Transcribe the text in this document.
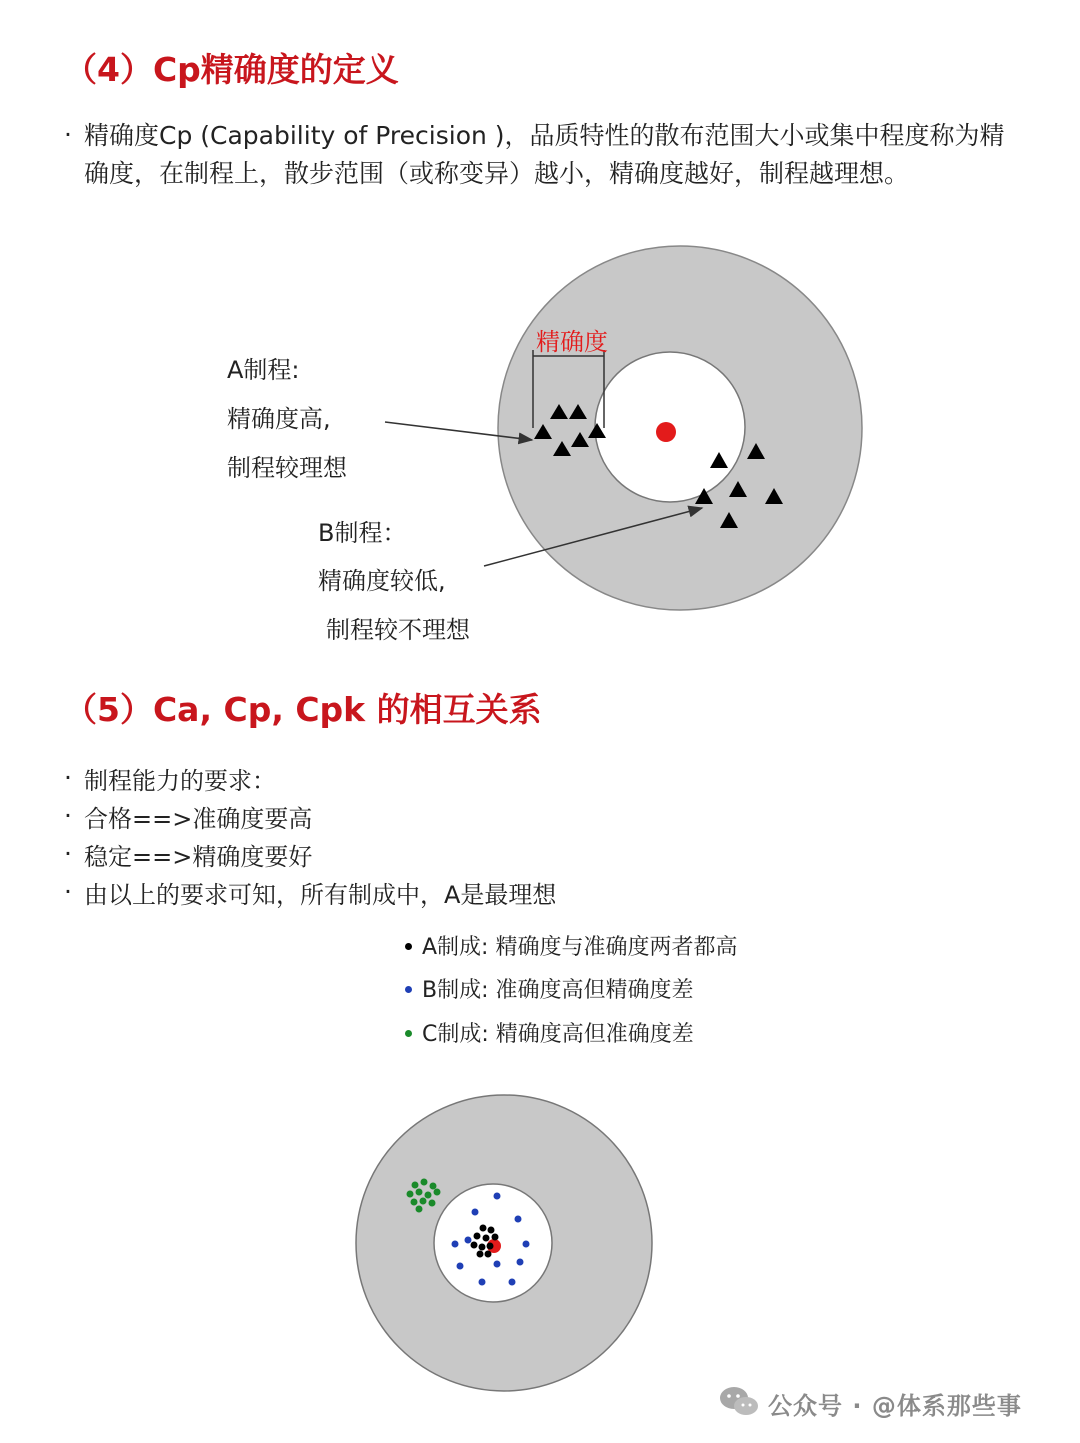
（4）Cp精确度的定义
· 精确度Cp (Capability of Precision )，品质特性的散布范围大小或集中程度称为精确度，在制程上，散步范围（或称变异）越小，精确度越好，制程越理想。
精确度
A制程:
精确度高,
制程较理想
B制程：
精确度较低,
制程较不理想
（5）Ca, Cp, Cpk 的相互关系
· 制程能力的要求：
· 合格==>准确度要高
· 稳定==>精确度要好
· 由以上的要求可知，所有制成中，A是最理想
A制成: 精确度与准确度两者都高
B制成: 准确度高但精确度差
C制成: 精确度高但准确度差
公众号 · @体系那些事
